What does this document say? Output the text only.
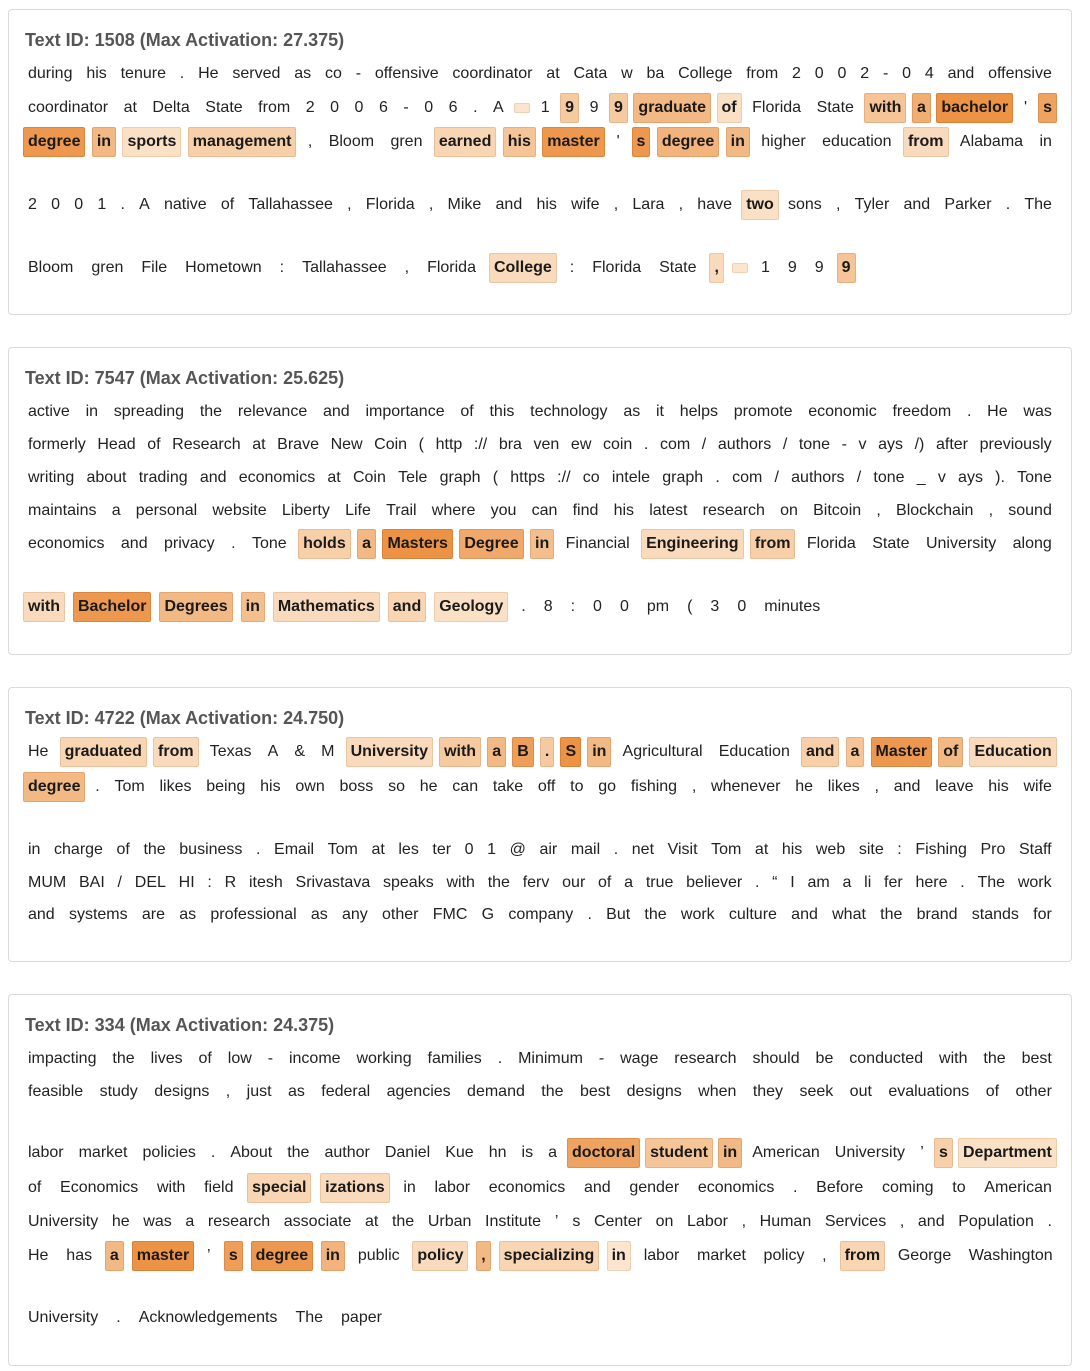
Text ID: 1508 (Max Activation: 27.375)
during his tenure . He served as co - offensive coordinator at Cata w ba College from 2 0 0 2 - 0 4 and offensive
coordinator at Delta State from 2 0 0 6 - 0 6 . A	1 9 9 9 graduate of Florida State with a bachelor ' s
degree	in	sports	management	,	Bloom	gren	earned	his	master	'	s	degree	in	higher	education	from	Alabama	in
2 0 0 1 . A native of Tallahassee , Florida , Mike and his wife , Lara , have two sons , Tyler and Parker . The
Bloom	gren	File	Hometown	:	Tallahassee	,	Florida	College	:	Florida	State	,	1	9	9	9
Text ID: 7547 (Max Activation: 25.625)
active in spreading the relevance and importance of this technology as it helps promote economic freedom . He was
formerly Head of Research at Brave New Coin ( http :// bra ven ew coin . com / authors / tone - v ays /) after previously
writing about trading and economics at Coin Tele graph ( https :// co intele graph . com / authors / tone _ v ays ). Tone
maintains a personal website Liberty Life Trail where you can find his latest research on Bitcoin , Blockchain , sound
economics	and	privacy	.	Tone	holds	a	Masters	Degree	in	Financial	Engineering	from	Florida	State	University	along
with	Bachelor	Degrees	in	Mathematics	and	Geology	.	8	:	0	0	pm	(	3	0	minutes
Text ID: 4722 (Max Activation: 24.750)
He	graduated	from	Texas	A	&	M	University	with	a	B	.	S	in	Agricultural	Education	and	a	Master	of	Education
degree . Tom likes being his own boss so he can take off to go fishing , whenever he likes , and leave his wife
in charge of the business . Email Tom at les ter 0 1 @ air mail . net Visit Tom at his web site : Fishing Pro Staff
MUM BAI / DEL HI : R itesh Srivastava speaks with the ferv our of a true believer . “ I am a li fer here . The work
and systems are as professional as any other FMC G company . But the work culture and what the brand stands for
Text ID: 334 (Max Activation: 24.375)
impacting the lives of low - income working families . Minimum - wage research should be conducted with the best
feasible	study	designs	,	just	as	federal	agencies	demand	the	best	designs	when	they	seek	out	evaluations	of	other
labor market policies . About the author Daniel Kue hn is a doctoral student in American University ’ s Department
of	Economics	with	field	special	izations	in	labor	economics	and	gender	economics	.	Before	coming	to	American
University he was a research associate at the Urban Institute ’ s Center on Labor , Human Services , and Population .
He	has	a	master	’	s	degree	in	public	policy	,	specializing	in	labor	market	policy	,	from	George	Washington
University	.	Acknowledgements	The	paper
